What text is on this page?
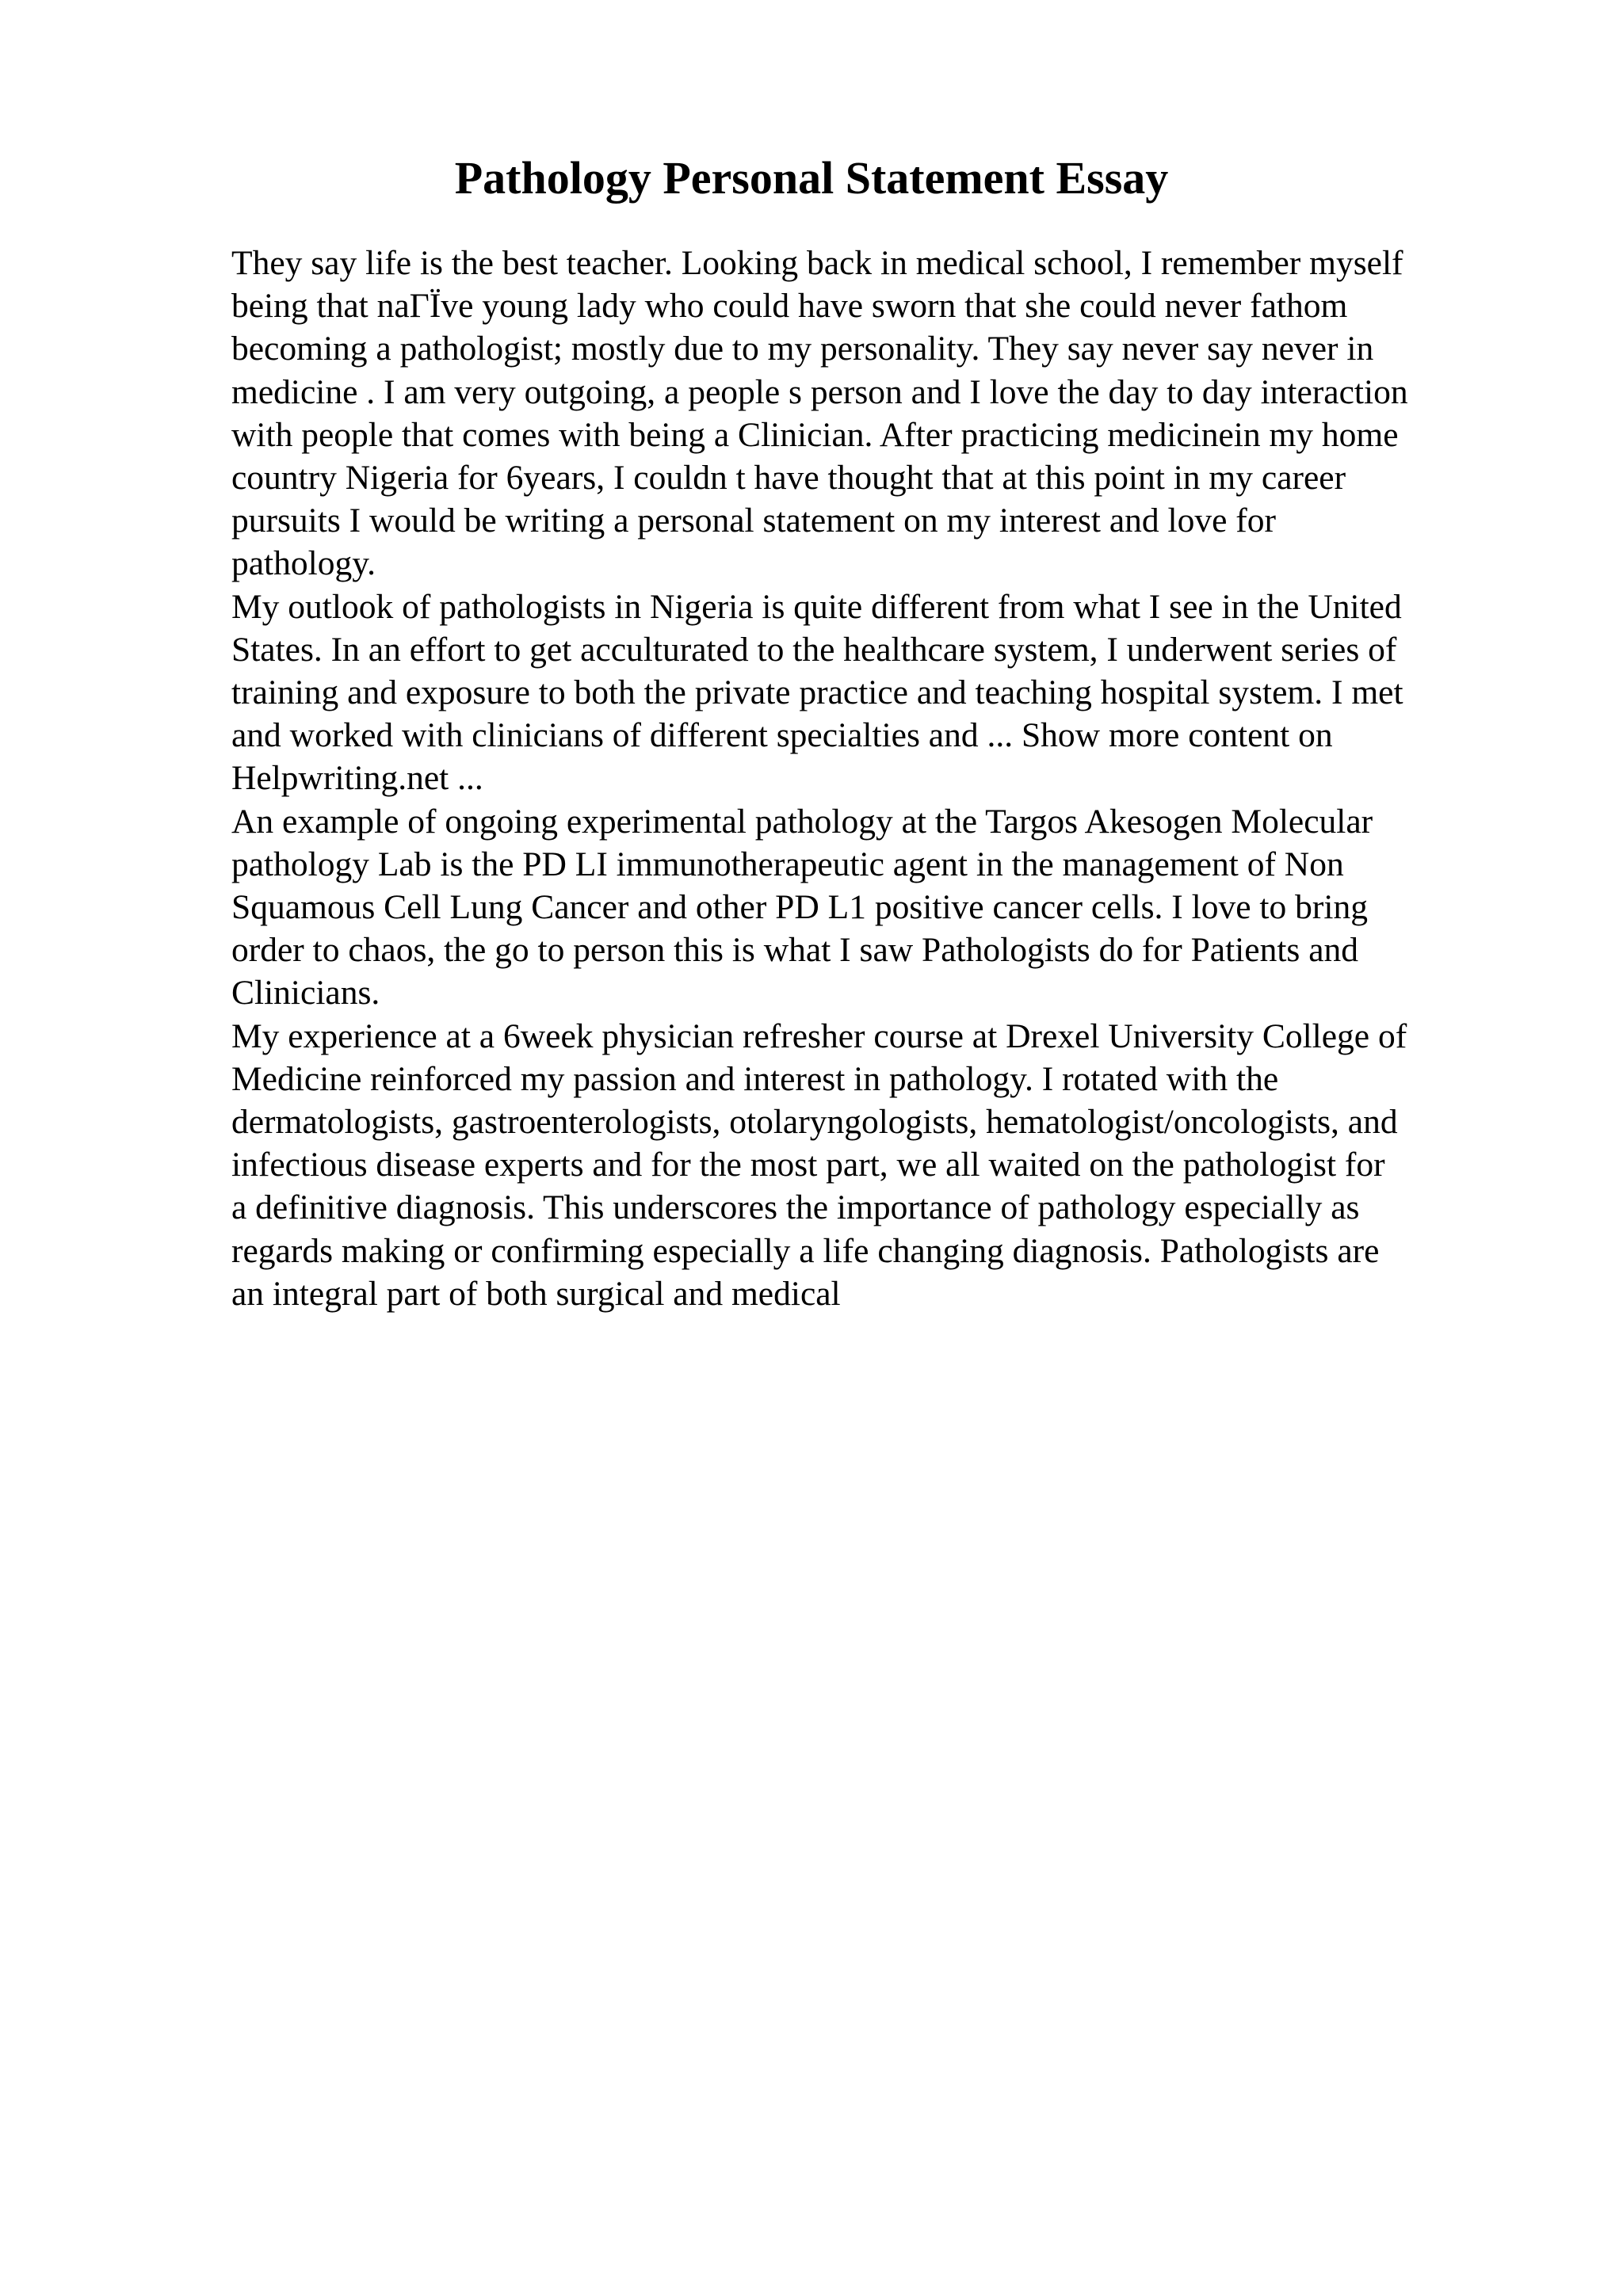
Pathology Personal Statement Essay
They say life is the best teacher. Looking back in medical school, I remember myself
being that naΓЇve young lady who could have sworn that she could never fathom
becoming a pathologist; mostly due to my personality. They say never say never in
medicine . I am very outgoing, a people s person and I love the day to day interaction
with people that comes with being a Clinician. After practicing medicinein my home
country Nigeria for 6years, I couldn t have thought that at this point in my career
pursuits I would be writing a personal statement on my interest and love for
pathology.
My outlook of pathologists in Nigeria is quite different from what I see in the United
States. In an effort to get acculturated to the healthcare system, I underwent series of
training and exposure to both the private practice and teaching hospital system. I met
and worked with clinicians of different specialties and ... Show more content on
Helpwriting.net ...
An example of ongoing experimental pathology at the Targos Akesogen Molecular
pathology Lab is the PD LI immunotherapeutic agent in the management of Non
Squamous Cell Lung Cancer and other PD L1 positive cancer cells. I love to bring
order to chaos, the go to person this is what I saw Pathologists do for Patients and
Clinicians.
My experience at a 6week physician refresher course at Drexel University College of
Medicine reinforced my passion and interest in pathology. I rotated with the
dermatologists, gastroenterologists, otolaryngologists, hematologist/oncologists, and
infectious disease experts and for the most part, we all waited on the pathologist for
a definitive diagnosis. This underscores the importance of pathology especially as
regards making or confirming especially a life changing diagnosis. Pathologists are
an integral part of both surgical and medical
